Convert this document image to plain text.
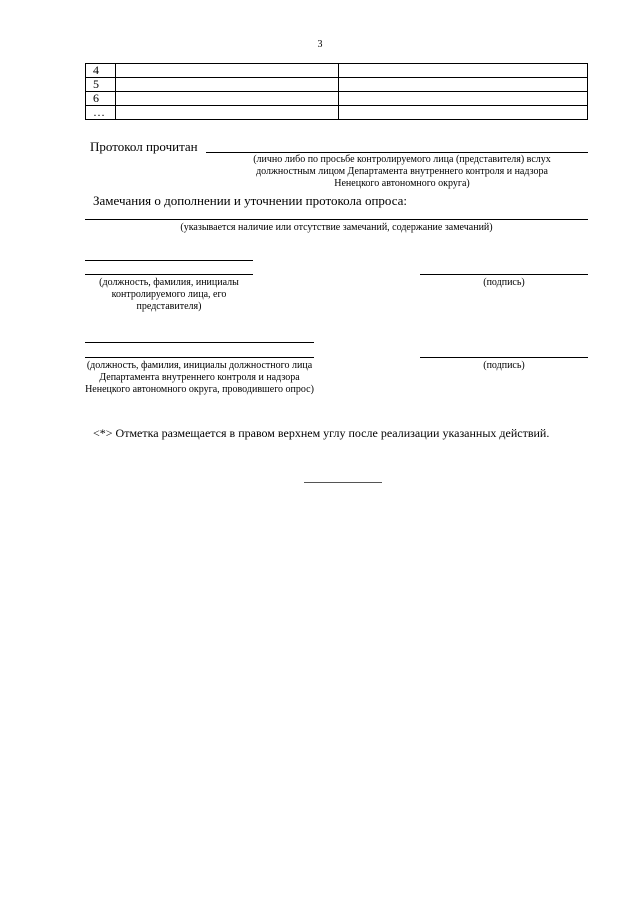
3
4		
5		
6		
…		
Протокол прочитан
(лично либо по просьбе контролируемого лица (представителя) вслух должностным лицом Департамента внутреннего контроля и надзора Ненецкого автономного округа)
Замечания о дополнении и уточнении протокола опроса:
(указывается наличие или отсутствие замечаний, содержание замечаний)
(должность, фамилия, инициалы контролируемого лица, его представителя)
(подпись)
(должность, фамилия, инициалы должностного лица Департамента внутреннего контроля и надзора Ненецкого автономного округа, проводившего опрос)
(подпись)
<*> Отметка размещается в правом верхнем углу после реализации указанных действий.
